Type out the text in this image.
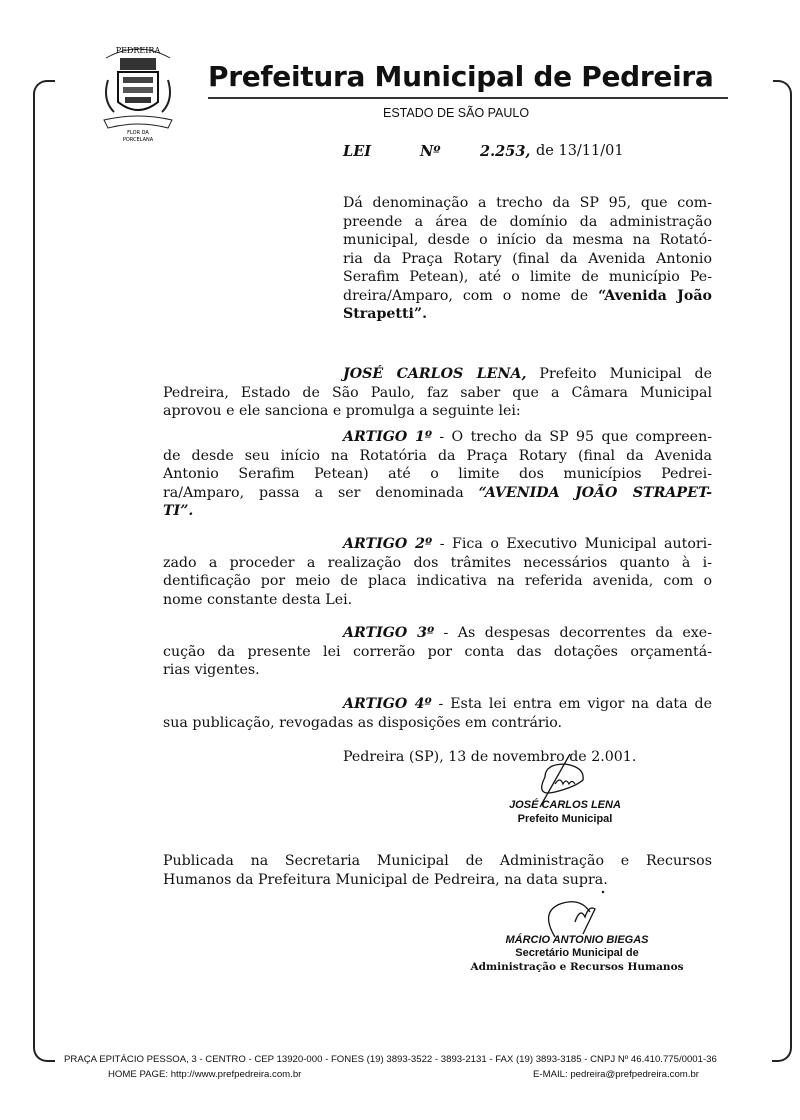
PEDREIRA
FLOR DA
PORCELANA
Prefeitura Municipal de Pedreira
ESTADO DE SÃO PAULO
LEI	Nº	2.253, de 13/11/01
Dá denominação a trecho da SP 95, que com-
preende a área de domínio da administração
municipal, desde o início da mesma na Rotató-
ria da Praça Rotary (final da Avenida Antonio
Serafim Petean), até o limite de município Pe-
dreira/Amparo, com o nome de “Avenida João
Strapetti”.
JOSÉ CARLOS LENA, Prefeito Municipal de
Pedreira, Estado de São Paulo, faz saber que a Câmara Municipal
aprovou e ele sanciona e promulga a seguinte lei:
ARTIGO 1º - O trecho da SP 95 que compreen-
de desde seu início na Rotatória da Praça Rotary (final da Avenida
Antonio Serafim Petean) até o limite dos municípios Pedrei-
ra/Amparo, passa a ser denominada “AVENIDA JOÃO STRAPET-
TI”.
ARTIGO 2º - Fica o Executivo Municipal autori-
zado a proceder a realização dos trâmites necessários quanto à i-
dentificação por meio de placa indicativa na referida avenida, com o
nome constante desta Lei.
ARTIGO 3º - As despesas decorrentes da exe-
cução da presente lei correrão por conta das dotações orçamentá-
rias vigentes.
ARTIGO 4º - Esta lei entra em vigor na data de
sua publicação, revogadas as disposições em contrário.
Pedreira (SP), 13 de novembro de 2.001.
JOSÉ CARLOS LENA
Prefeito Municipal
Publicada na Secretaria Municipal de Administração e Recursos
Humanos da Prefeitura Municipal de Pedreira, na data supra.
MÁRCIO ANTONIO BIEGAS
Secretário Municipal de
Administração e Recursos Humanos
PRAÇA EPITÁCIO PESSOA, 3 - CENTRO - CEP 13920-000 - FONES (19) 3893-3522 - 3893-2131 - FAX (19) 3893-3185 - CNPJ Nº 46.410.775/0001-36
HOME PAGE: http://www.prefpedreira.com.br	E-MAIL: pedreira@prefpedreira.com.br
